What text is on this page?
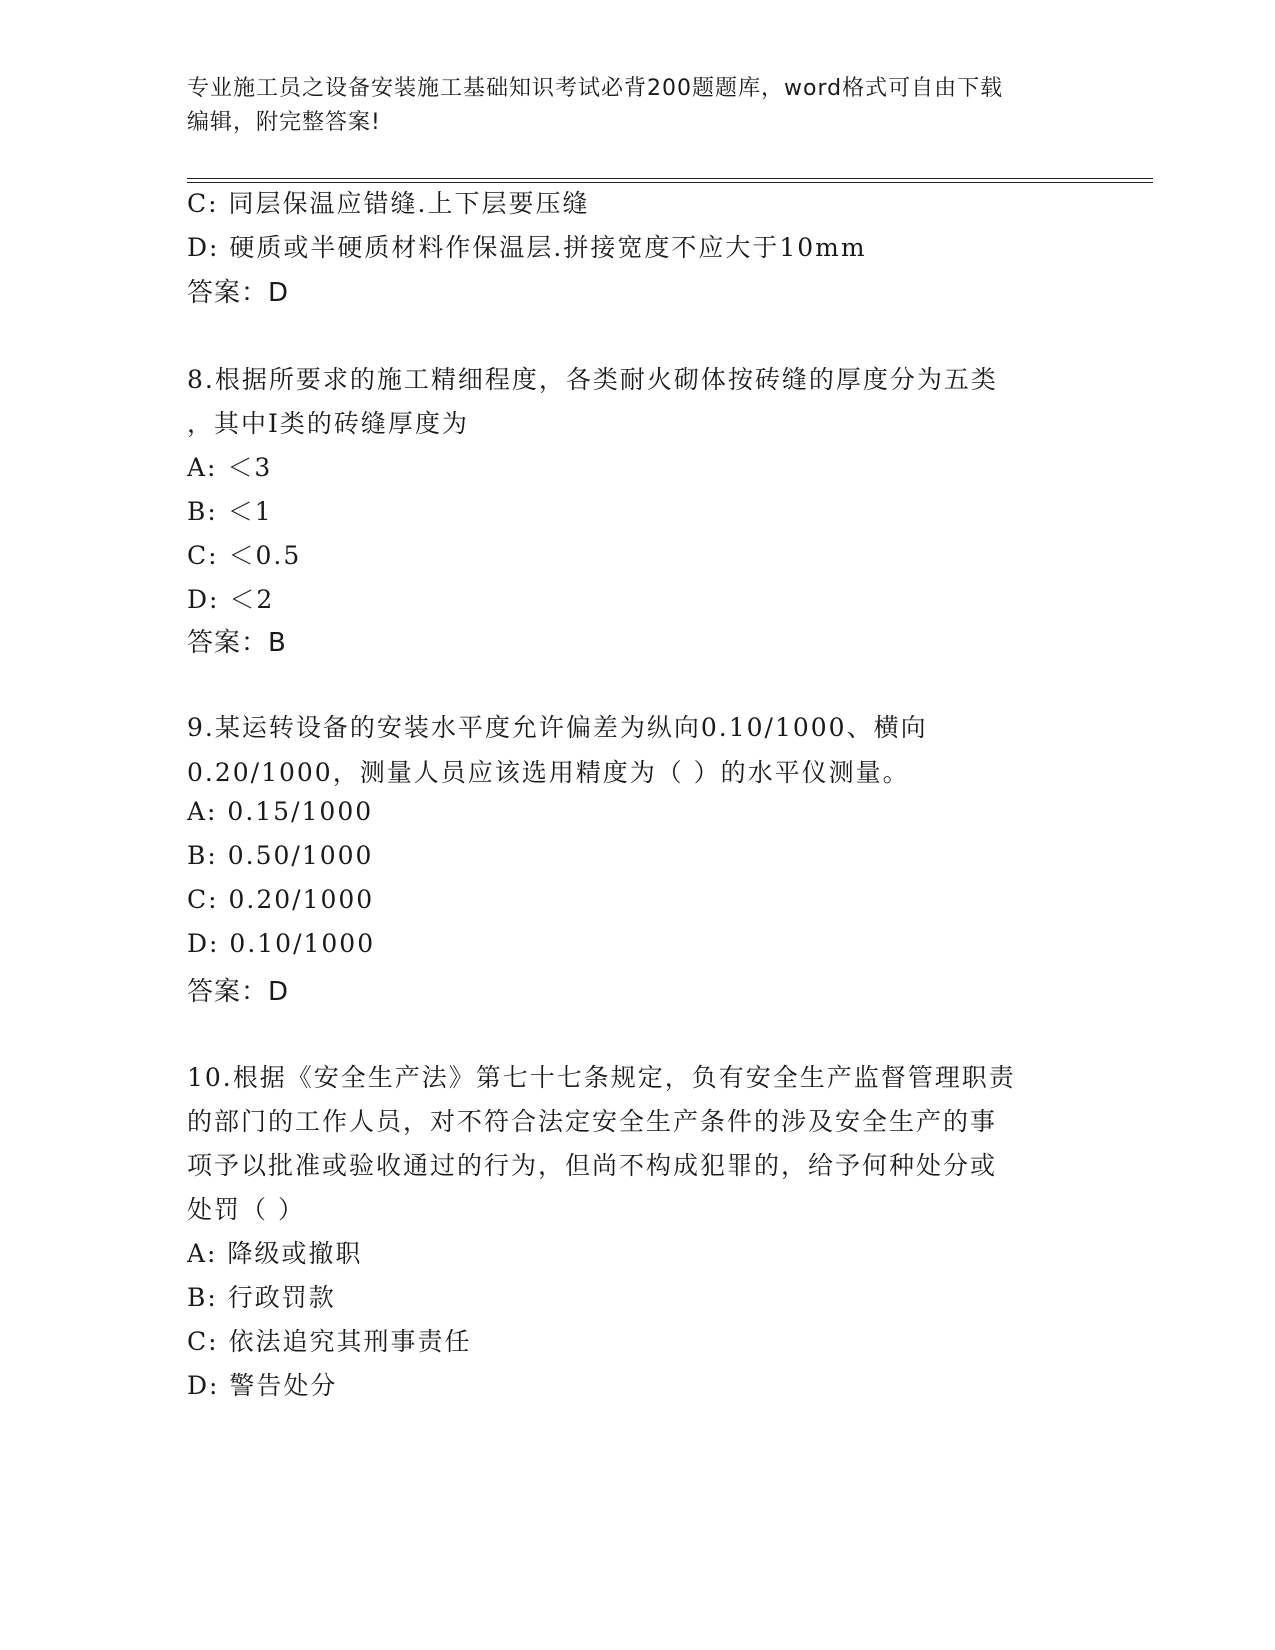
专业施工员之设备安装施工基础知识考试必背200题题库，word格式可自由下载
编辑，附完整答案!
C: 同层保温应错缝.上下层要压缝
D: 硬质或半硬质材料作保温层.拼接宽度不应大于10mm
答案：D
8.根据所要求的施工精细程度，各类耐火砌体按砖缝的厚度分为五类
，其中Ⅰ类的砖缝厚度为
A: ＜3
B: ＜1
C: ＜0.5
D: ＜2
答案：B
9.某运转设备的安装水平度允许偏差为纵向0.10/1000、横向
0.20/1000，测量人员应该选用精度为（ ）的水平仪测量。
A: 0.15/1000
B: 0.50/1000
C: 0.20/1000
D: 0.10/1000
答案：D
10.根据《安全生产法》第七十七条规定，负有安全生产监督管理职责
的部门的工作人员，对不符合法定安全生产条件的涉及安全生产的事
项予以批准或验收通过的行为，但尚不构成犯罪的，给予何种处分或
处罚（ ）
A: 降级或撤职
B: 行政罚款
C: 依法追究其刑事责任
D: 警告处分
